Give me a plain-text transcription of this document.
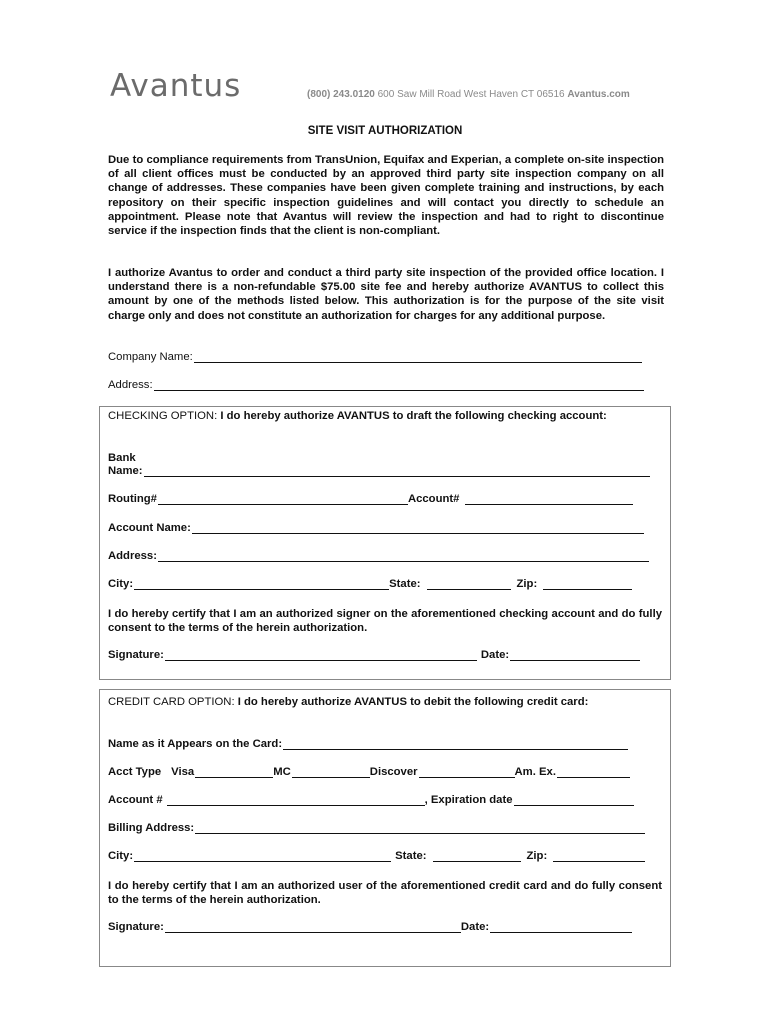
Avantus	(800) 243.0120 600 Saw Mill Road West Haven CT 06516 Avantus.com
SITE VISIT AUTHORIZATION
Due to compliance requirements from TransUnion, Equifax and Experian, a complete on-site inspection of all client offices must be conducted by an approved third party site inspection company on all change of addresses. These companies have been given complete training and instructions, by each repository on their specific inspection guidelines and will contact you directly to schedule an appointment. Please note that Avantus will review the inspection and had to right to discontinue service if the inspection finds that the client is non-compliant.
I authorize Avantus to order and conduct a third party site inspection of the provided office location. I understand there is a non-refundable $75.00 site fee and hereby authorize AVANTUS to collect this amount by one of the methods listed below. This authorization is for the purpose of the site visit charge only and does not constitute an authorization for charges for any additional purpose.
Company Name:
Address:
CHECKING OPTION: I do hereby authorize AVANTUS to draft the following checking account:
Bank
Name:
Routing#	Account#
Account Name:
Address:
City:	State:	Zip:
I do hereby certify that I am an authorized signer on the aforementioned checking account and do fully consent to the terms of the herein authorization.
Signature:	Date:
CREDIT CARD OPTION: I do hereby authorize AVANTUS to debit the following credit card:
Name as it Appears on the Card:
Acct Type Visa	MC	Discover	Am. Ex.
Account #	, Expiration date
Billing Address:
City:	State:	Zip:
I do hereby certify that I am an authorized user of the aforementioned credit card and do fully consent to the terms of the herein authorization.
Signature:	Date:
